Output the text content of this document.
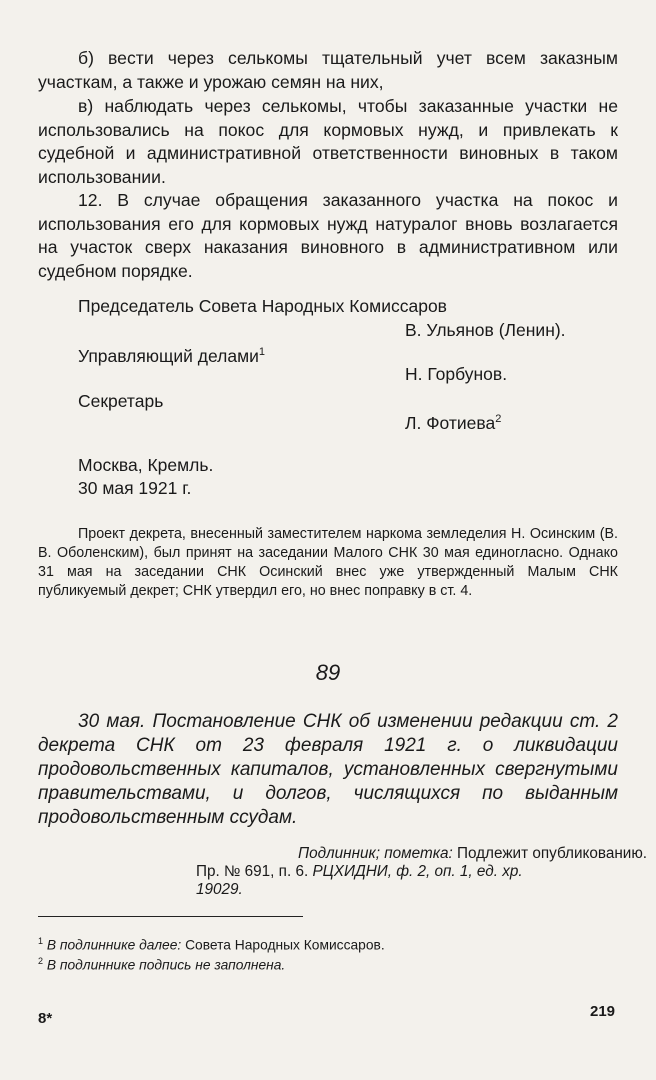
б) вести через селькомы тщательный учет всем заказным участкам, а также и урожаю семян на них,

в) наблюдать через селькомы, чтобы заказанные участки не использовались на покос для кормовых нужд, и привлекать к судебной и административной ответственности виновных в таком использовании.

12. В случае обращения заказанного участка на покос и использования его для кормовых нужд натуралог вновь возлагается на участок сверх наказания виновного в административном или судебном порядке.

Председатель Совета Народных Комиссаров
В. Ульянов (Ленин).
Управляющий делами$^1$
Н. Горбунов.
Секретарь
Л. Фотиева$^2$
Москва, Кремль.
30 мая 1921 г.

Проект декрета, внесенный заместителем наркома земледелия Н. Осинским (В. В. Оболенским), был принят на заседании Малого СНК 30 мая единогласно. Однако 31 мая на заседании СНК Осинский внес уже утвержденный Малым СНК публикуемый декрет; СНК утвердил его, но внес поправку в ст. 4.

89

30 мая. Постановление СНК об изменении редакции ст. 2 декрета СНК от 23 февраля 1921 г. о ликвидации продовольственных капиталов, установленных свергнутыми правительствами, и долгов, числящихся по выданным продовольственным ссудам.

Подлинник; пометка: Подлежит опубликованию.
Пр. № 691, п. 6. РЦХИДНИ, ф. 2, оп. 1, ед. хр.
19029.
$^1$ В подлиннике далее: Совета Народных Комиссаров.
$^2$ В подлиннике подпись не заполнена.
8*	219
